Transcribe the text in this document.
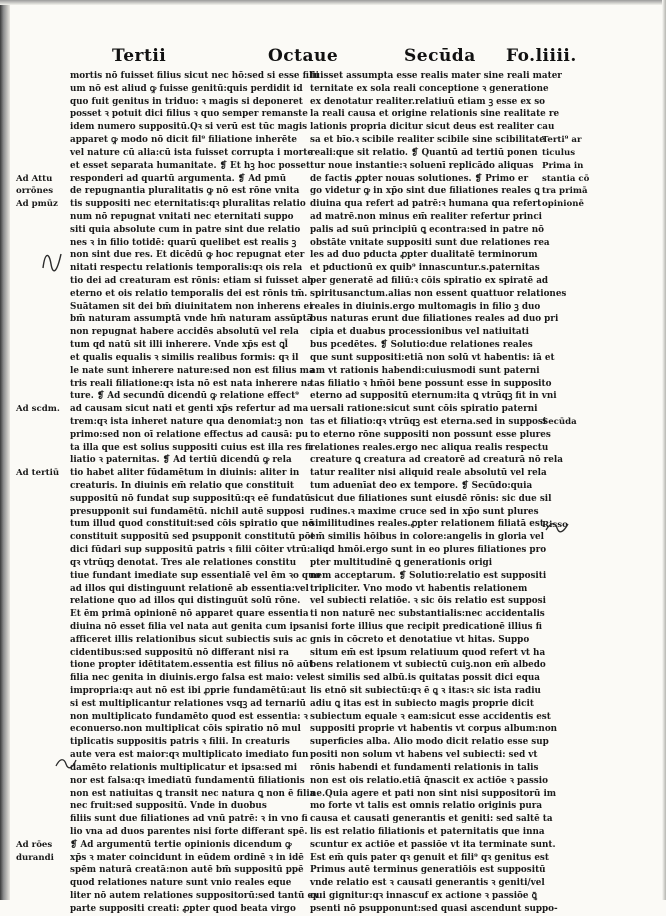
Tertii	Octaue	Secūda Fo.liiii.
mortis nō fuisset filius sicut nec hō:sed si esse filii
um nō est aliud ꝙ fuisse genitū:quis perdidit id
quo fuit genitus in triduo: ꝛ magis si deponeret
posset ꝛ potuit dici filius ꝛ quo semper remanste
idem numero suppositū.Qꝛ si verū est tūc magis
apparet ꝙ modo nō dicit fil⁹ filiatione inherēte
vel nature cū alia:cū ista fuisset corrupta i morte
et esset separata humanitate. ❡ Et hꝫ hoc posset
responderi ad quartū argumenta. ❡ Ad pmū
de repugnantia pluralitatis ꝙ nō est rōne vnita
tis suppositi nec eternitatis:qꝛ pluralitas relatio
num nō repugnat vnitati nec eternitati suppo
siti quia absolute cum in patre sint due relatio
nes ꝛ in filio totidē: quarū quelibet est realis ꝫ
non sint due res. Et dicēdū ꝙ hoc repugnat eter
nitati respectu relationis temporalis:qꝛ ois rela
tio dei ad creaturam est rōnis: etiam si fuisset ab
eterno et ois relatio temporalis dei est rōnis tm̄.
Suātamen sit dei bm̄ diuinitatem non inherens ei
bm̄ naturam assumptā vnde hm̄ naturam assūptā
non repugnat habere accidēs absolutū vel rela
tum qd natū sit illi inherere. Vnde xp̄s est ꝗl̄
et qualis equalis ꝛ similis realibus formis: qꝛ il
le nate sunt inherere nature:sed non est filius ma
tris reali filiatione:qꝛ ista nō est nata inherere na
ture. ❡ Ad secundū dicendū ꝙ relatione effect⁹
ad causam sicut nati et genti xp̄s refertur ad ma
trem:qꝛ ista inheret nature qua denomiat:ꝫ non
primo:sed non oī relatione effectus ad causā: pu
ta illa que est solius suppositi cuius est illa res fi
liatio ꝛ paternitas. ❡ Ad tertiū dicendū ꝙ rela
tio habet aliter fūdamētum in diuinis: aliter in
creaturis. In diuinis em̄ relatio que constituit
suppositū nō fundat sup suppositū:qꝛ eē fundatū
presupponit sui fundamētū. nichil autē supposi
tum illud quod constituit:sed cōis spiratio que nō
constituit suppositū sed psupponit constitutū pōt
dici fūdari sup suppositū patris ꝛ filii cōiter vtrū:
qꝛ vtrūqꝫ denotat. Tres ale relationes constitu
tiue fundant imediate sup essentialē vel ēm ꝛo quo
ad illos qui distinguunt relationē ab essentia:vel
relatione quo ad illos qui distinguūt solū rōne.
Et ēm primā opinionē nō apparet quare essentia
diuina nō esset filia vel nata aut genita cum ipsa
afficeret illis relationibus sicut subiectis suis ac
cidentibus:sed suppositū nō differant nisi ra
tione propter idētitatem.essentia est filius nō aūt
filia nec genita in diuinis.ergo falsa est maio: vel
impropria:qꝛ aut nō est ibi ꝓprie fundamētū:aut
si est multiplicantur relationes vsqꝫ ad ternariū
non multiplicato fundamēto quod est essentia: ꝛ
econuerso.non multiplicat cōis spiratio nō mul
tiplicatis suppositis patris ꝛ filii. In creaturis
aute vera est maior:qꝛ multiplicato imediato fun
damēto relationis multiplicatur et ipsa:sed mi
nor est falsa:qꝛ imediatū fundamentū filiationis
non est natiuitas ꝗ transit nec natura ꝗ non ē filia
nec fruit:sed suppositū. Vnde in duobus
filiis sunt due filiationes ad vnū patrē: ꝛ in vno fi
lio vna ad duos parentes nisi forte differant spē.
❡ Ad argumentū tertie opinionis dicendum ꝙ
xp̄s ꝛ mater coincidunt in eūdem ordinē ꝛ in idē
spēm naturā creatā:non autē bm̄ suppositū ppē
quod relationes nature sunt vnio reales eque
liter nō autem relationes suppositorū:sed tantū ex
parte suppositi creati: ꝓpter quod beata virgo
fuisset assumpta esse realis mater sine reali mater
ternitate ex sola reali conceptione ꝛ generatione
ex denotatur realiter.relatiuū etiam ꝫ esse ex so
la reali causa et origine relationis sine realitate re
lationis propria dicitur sicut deus est realiter cau
sa et bīo.ꝛ scibile realiter scibile sine scibilitate
reali:que sit relatio. ❡ Quantū ad tertiū ponen
tur noue instantie:ꝛ soluenī replicādo aliquas
de factis ꝓpter nouas solutiones. ❡ Primo er
go videtur ꝙ in xp̄o sint due filiationes reales ꝗ
diuina qua refert ad patrē:ꝛ humana qua refert
ad matrē.non minus em̄ realiter refertur princi
palis ad suū principiū ꝗ econtra:sed in patre nō
obstāte vnitate suppositi sunt due relationes rea
les ad duo pducta ꝓpter dualitatē terminorum
et pductionū ex quib⁹ innascuntur.s.paternitas
per generatē ad filiū:ꝛ cōis spiratio ex spiratē ad
spiritusanctum.alias non essent quattuor relationes
reales in diuinis.ergo multomagis in filio ꝫ duo
bus naturas erunt due filiationes reales ad duo pri
cipia et duabus processionibus vel natiuitati
bus pcedētes. ❡ Solutio:due relationes reales
que sunt suppositi:etiā non solū vt habentis: iā et
am vt rationis habendi:cuiusmodi sunt paterni
tas filiatio ꝛ hm̄ōi bene possunt esse in supposito
eterno ad suppositū eternum:ita ꝗ vtrūqꝫ fit in vni
uersali ratione:sicut sunt cōis spiratio paterni
tas et filiatio:qꝛ vtrūqꝫ est eterna.sed in supposi
to eterno rōne suppositi non possunt esse plures
relationes reales.ergo nec aliqua realis respectu
creature ꝗ creatura ad creatorē ad creaturā nō rela
tatur realiter nisi aliquid reale absolutū vel rela
tum aduenīat deo ex tempore. ❡ Secūdo:quia
sicut due filiationes sunt eiusdē rōnis: sic due sil
rudines.ꝛ maxime cruce sed in xp̄o sunt plures
similitudines reales.ꝓpter relationem filiatā est
em̄ similis hōibus in colore:angelis in gloria vel
aliqd hmōi.ergo sunt in eo plures filiationes pro
pter multitudinē ꝗ generationis origi
nem acceptarum. ❡ Solutio:relatio est suppositi
tripliciter. Vno modo vt habentis relationem
vel subiecti relatiōe. ꝛ sic ōis relatio est supposi
ti non naturē nec substantialis:nec accidentalis
nisi forte illius que recipit predicationē illius fi
gnis in cōcreto et denotatiue vt hitas. Suppo
situm em̄ est ipsum relatiuum quod refert vt ha
bens relationem vt subiectū cuiꝫ.non em̄ albedo
est similis sed albū.is quitatas possit dici equa
lis etnō sit subiectū:qꝛ ē ꝗ ꝛ itas:ꝛ sic ista radiu
adiu ꝗ itas est in subiecto magis proprie dicit
subiectum equale ꝛ eam:sicut esse accidentis est
suppositi proprie vt habentis vt corpus album:non
superficies alba. Alio modo dicit relatio esse sup
positi non solum vt habens vel subiecti: sed vt
rōnis habendi et fundamenti relationis in talis
non est ois relatio.etiā q̄nascit ex actiōe ꝛ passio
ne.Quia agere et pati non sint nisi suppositorū im
mo forte vt talis est omnis relatio originis pura
causa et causati generantis et geniti: sed saltē ta
lis est relatio filiationis et paternitatis que inna
scuntur ex actiōe et passiōe vt ita terminate sunt.
Est em̄ quis pater qꝛ genuit et fili⁹ qꝛ genitus est
Primus autē terminus generatiōis est suppositū
vnde relatio est ꝛ causati generantis ꝛ geniti/vel
qui gignitur:qꝛ innascuf ex actione ꝛ passiōe ꝗ̄
psenti nō psupponunt:sed quasi ascendunt suppo-
Ad Attu
orrōnes
Ad pmūz
Ad scdm.
Ad tertiū
Ad rōes
durandi
Terti⁹ ar
ticulus
Prima in
stantia cō
tra primā
opinionē
Secūda
Risso
